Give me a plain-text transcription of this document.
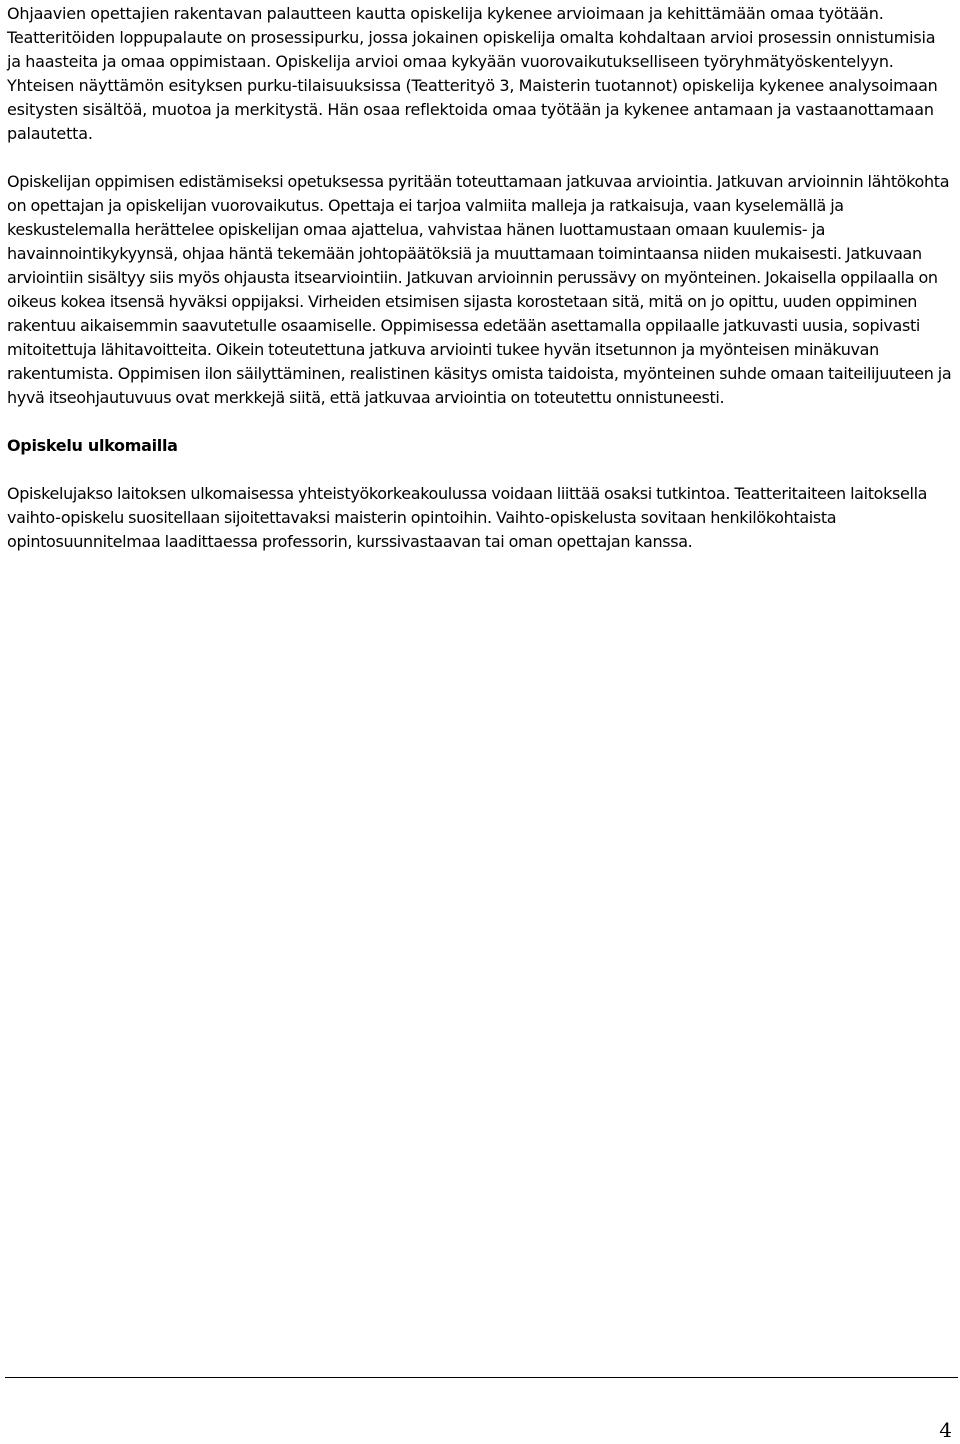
Ohjaavien opettajien rakentavan palautteen kautta opiskelija kykenee arvioimaan ja kehittämään omaa työtään. Teatteritöiden loppupalaute on prosessipurku, jossa jokainen opiskelija omalta kohdaltaan arvioi prosessin onnistumisia ja haasteita ja omaa oppimistaan. Opiskelija arvioi omaa kykyään vuorovaikutukselliseen työryhmätyöskentelyyn. Yhteisen näyttämön esityksen purku-tilaisuuksissa (Teatterityö 3, Maisterin tuotannot) opiskelija kykenee analysoimaan esitysten sisältöä, muotoa ja merkitystä. Hän osaa reflektoida omaa työtään ja kykenee antamaan ja vastaanottamaan palautetta.

Opiskelijan oppimisen edistämiseksi opetuksessa pyritään toteuttamaan jatkuvaa arviointia. Jatkuvan arvioinnin lähtökohta on opettajan ja opiskelijan vuorovaikutus. Opettaja ei tarjoa valmiita malleja ja ratkaisuja, vaan kyselemällä ja keskustelemalla herättelee opiskelijan omaa ajattelua, vahvistaa hänen luottamustaan omaan kuulemis- ja havainnointikykyynsä, ohjaa häntä tekemään johtopäätöksiä ja muuttamaan toimintaansa niiden mukaisesti. Jatkuvaan arviointiin sisältyy siis myös ohjausta itsearviointiin. Jatkuvan arvioinnin perussävy on myönteinen. Jokaisella oppilaalla on oikeus kokea itsensä hyväksi oppijaksi. Virheiden etsimisen sijasta korostetaan sitä, mitä on jo opittu, uuden oppiminen rakentuu aikaisemmin saavutetulle osaamiselle. Oppimisessa edetään asettamalla oppilaalle jatkuvasti uusia, sopivasti mitoitettuja lähitavoitteita. Oikein toteutettuna jatkuva arviointi tukee hyvän itsetunnon ja myönteisen minäkuvan rakentumista. Oppimisen ilon säilyttäminen, realistinen käsitys omista taidoista, myönteinen suhde omaan taiteilijuuteen ja hyvä itseohjautuvuus ovat merkkejä siitä, että jatkuvaa arviointia on toteutettu onnistuneesti.

Opiskelu ulkomailla

Opiskelujakso laitoksen ulkomaisessa yhteistyökorkeakoulussa voidaan liittää osaksi tutkintoa. Teatteritaiteen laitoksella vaihto-opiskelu suositellaan sijoitettavaksi maisterin opintoihin. Vaihto-opiskelusta sovitaan henkilökohtaista opintosuunnitelmaa laadittaessa professorin, kurssivastaavan tai oman opettajan kanssa.

4
